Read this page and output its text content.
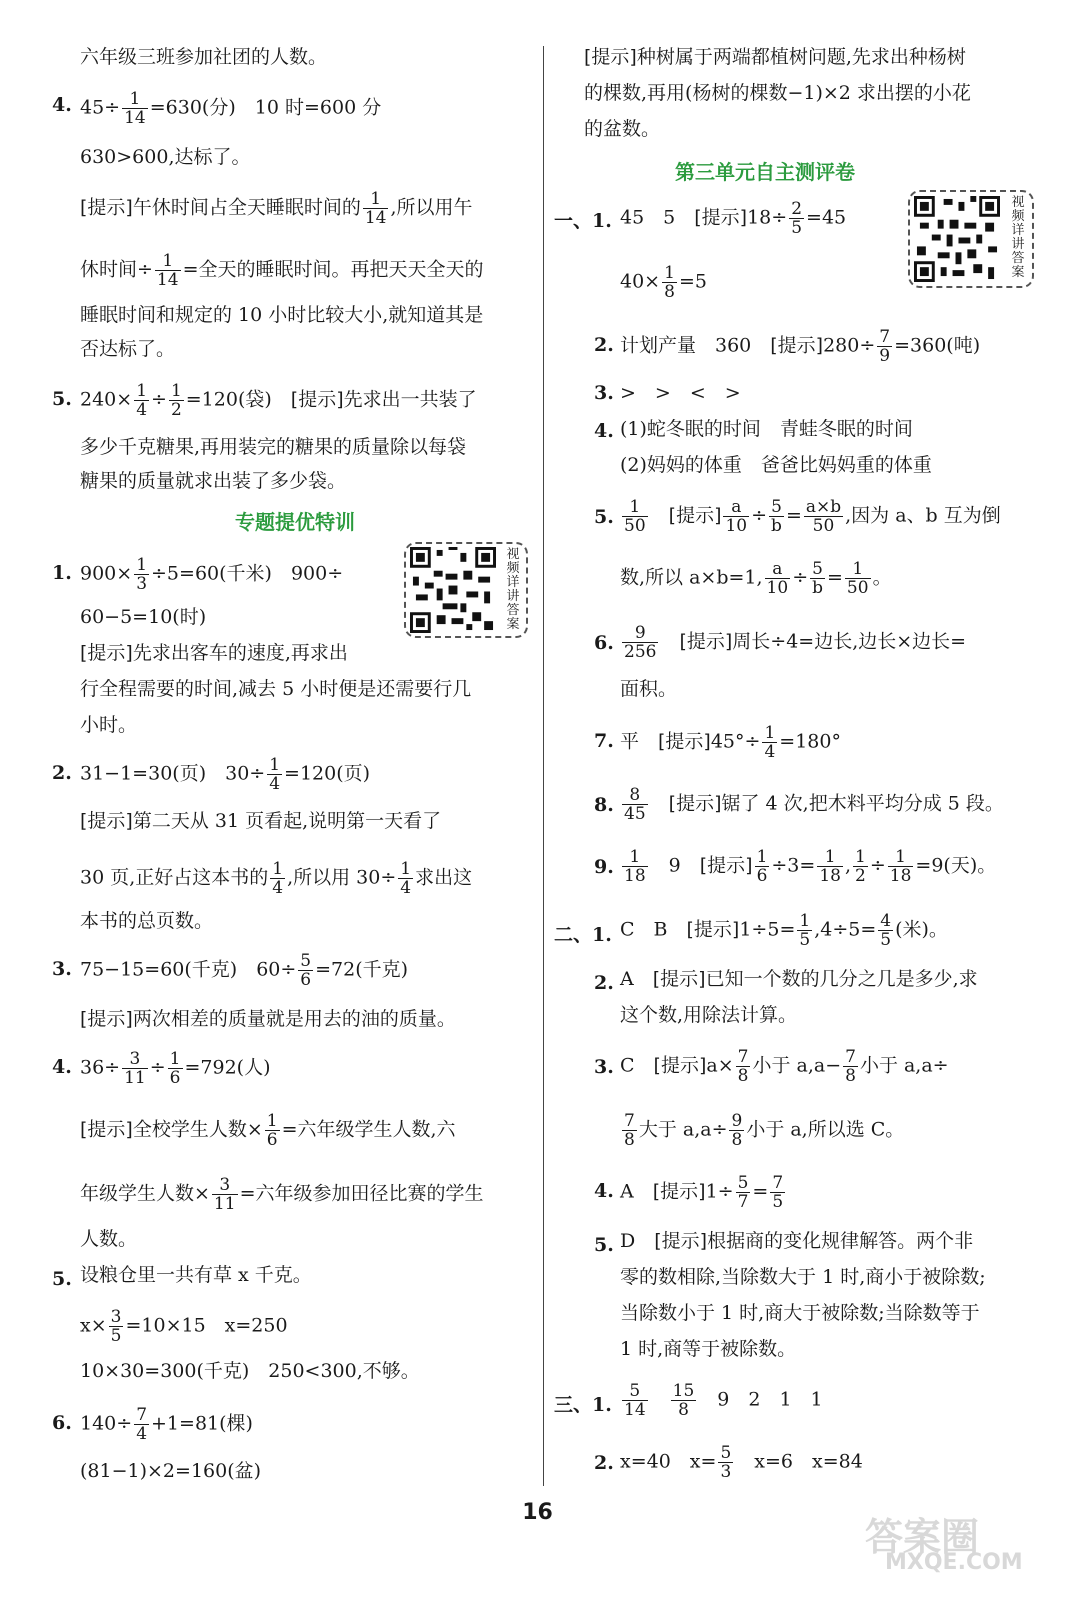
六年级三班参加社团的人数。
4. $45\div \frac{1}{14} =630$(分)　10 时=600 分
630>600,达标了。
[提示]午休时间占全天睡眠时间的 $\frac{1}{14}$ ,所以用午
休时间÷ $\frac{1}{14}$ =全天的睡眠时间。再把天天全天的
睡眠时间和规定的 10 小时比较大小,就知道其是
否达标了。
5. $240\times \frac{1}{4} \div \frac{1}{2} =120$(袋)　[提示]先求出一共装了
多少千克糖果,再用装完的糖果的质量除以每袋
糖果的质量就求出装了多少袋。
专题提优特训
1. $900\times \frac{1}{3} \div 5=60$(千米)　900÷
60−5=10(时)
[提示]先求出客车的速度,再求出
行全程需要的时间,减去 5 小时便是还需要行几
小时。
视频详讲答案
2. 31−1=30(页)　$30\div \frac{1}{4} =120$(页)
[提示]第二天从 31 页看起,说明第一天看了
30 页,正好占这本书的 $\frac{1}{4}$ ,所以用 $30\div \frac{1}{4}$ 求出这
本书的总页数。
3. 75−15=60(千克)　$60\div \frac{5}{6} =72$(千克)
[提示]两次相差的质量就是用去的油的质量。
4. $36\div \frac{3}{11} \div \frac{1}{6} =792$(人)
[提示]全校学生人数× $\frac{1}{6}$ =六年级学生人数,六
年级学生人数× $\frac{3}{11}$ =六年级参加田径比赛的学生
人数。
5. 设粮仓里一共有草 x 千克。
$x\times \frac{3}{5} =10\times 15$　x=250
10×30=300(千克)　250<300,不够。
6. $140\div \frac{7}{4} +1=81$(棵)
(81−1)×2=160(盆)
[提示]种树属于两端都植树问题,先求出种杨树
的棵数,再用(杨树的棵数−1)×2 求出摆的小花
的盆数。
第三单元自主测评卷
视频详讲答案
一、1. 45　5　[提示]$18\div \frac{2}{5} =45$
$40\times \frac{1}{8} =5$
2. 计划产量　360　[提示]$280\div \frac{7}{9} =360$(吨)
3. >　>　<　>
4. (1)蛇冬眠的时间　青蛙冬眠的时间
(2)妈妈的体重　爸爸比妈妈重的体重
5. $\frac{1}{50}$
　 [提示] $\frac{a}{10} \div \frac{5}{b} = \frac{a\times b}{50}$ ,因为 a、b 互为倒
数,所以 a×b=1, $\frac{a}{10} \div \frac{5}{b} = \frac{1}{50}$ 。
6. $\frac{9}{256}$
　 [提示]周长÷4=边长,边长×边长=
面积。
7. 平　[提示]$45^\circ\div \frac{1}{4} =180^\circ$
8. $\frac{8}{45}$
　 [提示]锯了 4 次,把木料平均分成 5 段。
9. $\frac{1}{18}$ 　9　[提示] $\frac{1}{6} \div 3= \frac{1}{18}$ , $\frac{1}{2} \div \frac{1}{18} =9$(天)。
二、1. C　B　[提示]$1\div 5= \frac{1}{5} ,4\div 5= \frac{4}{5}$ (米)。
2. A　[提示]已知一个数的几分之几是多少,求
这个数,用除法计算。
3. C　[提示]$a\times \frac{7}{8}$ 小于 $a,a- \frac{7}{8}$ 小于 a,a÷
$\frac{7}{8}$ 大于 $a,a\div \frac{9}{8}$ 小于 a,所以选 C。
4. A　[提示]$1\div \frac{5}{7} = \frac{7}{5}$
5. D　[提示]根据商的变化规律解答。两个非
零的数相除,当除数大于 1 时,商小于被除数;
当除数小于 1 时,商大于被除数;当除数等于
1 时,商等于被除数。
三、1. $\frac{5}{14}$
　 $\frac{15}{8}$ 　9　2　1　1
2. x=40　$x= \frac{5}{3}$ 　x=6　x=84
16
答案圈
MXQE.COM
